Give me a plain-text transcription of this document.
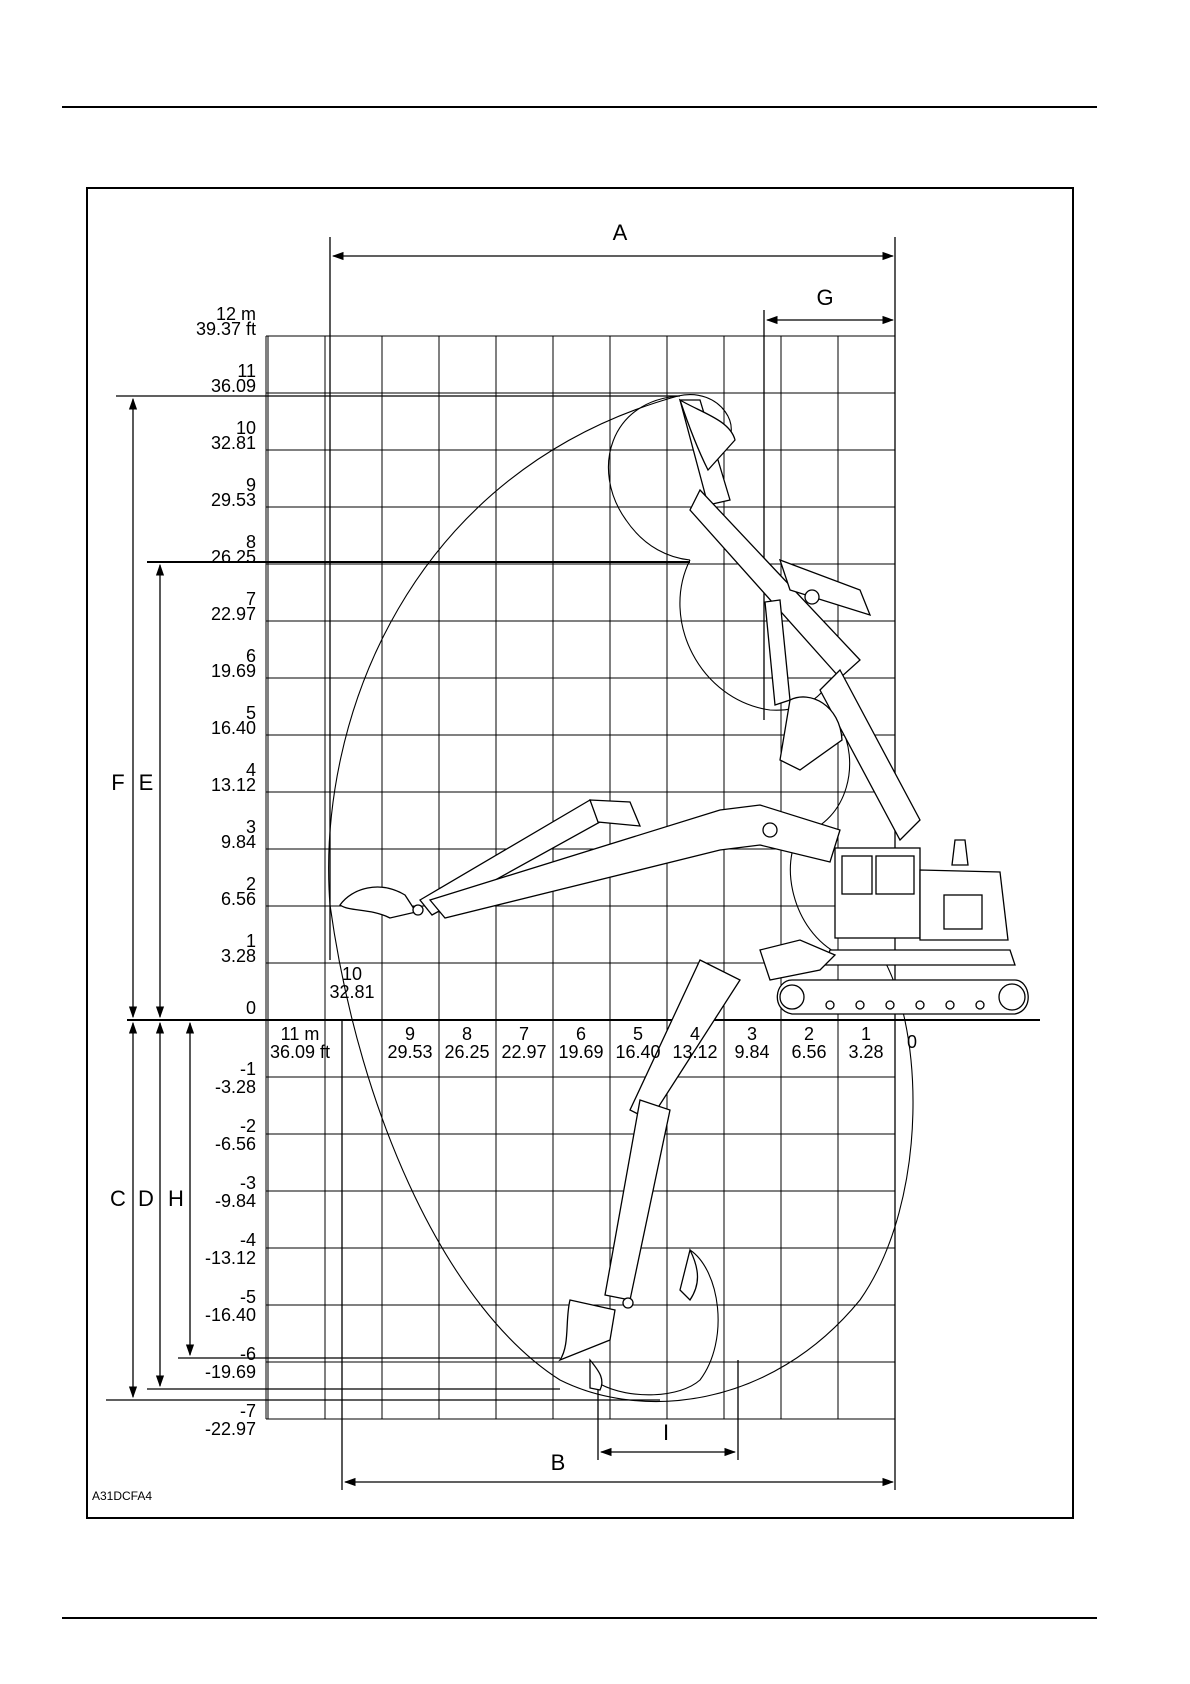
12 m
39.37 ft
11
36.09
10
32.81
9
29.53
8
26.25
7
22.97
6
19.69
5
16.40
4
13.12
3
9.84
2
6.56
1
3.28
0
-1
-3.28
-2
-6.56
-3
-9.84
-4
-13.12
-5
-16.40
-6
-19.69
-7
-22.97
11 m
36.09 ft
10
32.81
9
29.53
8
26.25
7
22.97
6
19.69
5
16.40
4
13.12
3
9.84
2
6.56
1
3.28 0
A
G
B
I
F E
C D H
A31DCFA4
